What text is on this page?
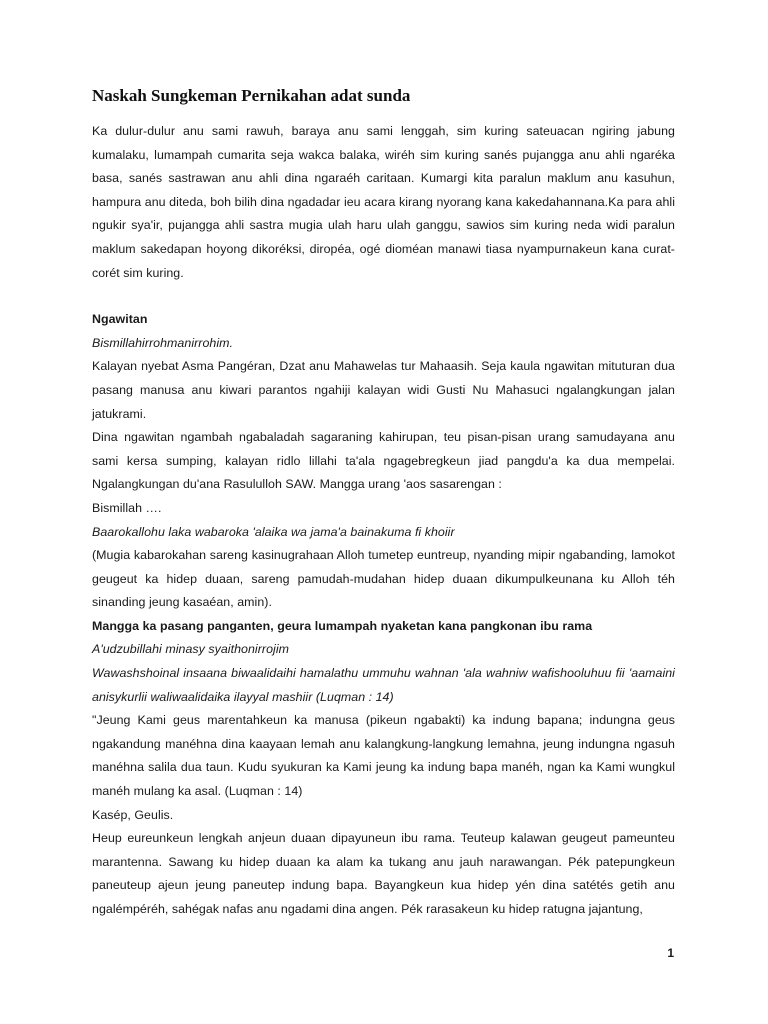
Naskah Sungkeman Pernikahan adat sunda

Ka dulur-dulur anu sami rawuh, baraya anu sami lenggah, sim kuring sateuacan ngiring jabung kumalaku, lumampah cumarita seja wakca balaka, wiréh sim kuring sanés pujangga anu ahli ngaréka basa, sanés sastrawan anu ahli dina ngaraéh caritaan. Kumargi kita paralun maklum anu kasuhun, hampura anu diteda, boh bilih dina ngadadar ieu acara kirang nyorang kana kakedahannana.Ka para ahli ngukir sya'ir, pujangga ahli sastra mugia ulah haru ulah ganggu, sawios sim kuring neda widi paralun maklum sakedapan hoyong dikoréksi, diropéa, ogé dioméan manawi tiasa nyampurnakeun kana curat-corét sim kuring.

Ngawitan

Bismillahirrohmanirrohim.

Kalayan nyebat Asma Pangéran, Dzat anu Mahawelas tur Mahaasih. Seja kaula ngawitan mituturan dua pasang manusa anu kiwari parantos ngahiji kalayan widi Gusti Nu Mahasuci ngalangkungan jalan jatukrami.

Dina ngawitan ngambah ngabaladah sagaraning kahirupan, teu pisan-pisan urang samudayana anu sami kersa sumping, kalayan ridlo lillahi ta'ala ngagebregkeun jiad pangdu'a ka dua mempelai. Ngalangkungan du'ana Rasululloh SAW. Mangga urang 'aos sasarengan :

Bismillah ….

Baarokallohu laka wabaroka 'alaika wa jama'a bainakuma fi khoiir

(Mugia kabarokahan sareng kasinugrahaan Alloh tumetep euntreup, nyanding mipir ngabanding, lamokot geugeut ka hidep duaan, sareng pamudah-mudahan hidep duaan dikumpulkeunana ku Alloh téh sinanding jeung kasaéan, amin).

Mangga ka pasang panganten, geura lumampah nyaketan kana pangkonan ibu rama

A'udzubillahi minasy syaithonirrojim

Wawashshoinal insaana biwaalidaihi hamalathu ummuhu wahnan 'ala wahniw wafishooluhuu fii 'aamaini anisykurlii waliwaalidaika ilayyal mashiir (Luqman : 14)

"Jeung Kami geus marentahkeun ka manusa (pikeun ngabakti) ka indung bapana; indungna geus ngakandung manéhna dina kaayaan lemah anu kalangkung-langkung lemahna, jeung indungna ngasuh manéhna salila dua taun. Kudu syukuran ka Kami jeung ka indung bapa manéh, ngan ka Kami wungkul manéh mulang ka asal. (Luqman : 14)

Kasép, Geulis.

Heup eureunkeun lengkah anjeun duaan dipayuneun ibu rama. Teuteup kalawan geugeut pameunteu marantenna. Sawang ku hidep duaan ka alam ka tukang anu jauh narawangan. Pék patepungkeun paneuteup ajeun jeung paneutep indung bapa. Bayangkeun kua hidep yén dina satétés getih anu ngalémpéréh, sahégak nafas anu ngadami dina angen. Pék rarasakeun ku hidep ratugna jajantung,

1
